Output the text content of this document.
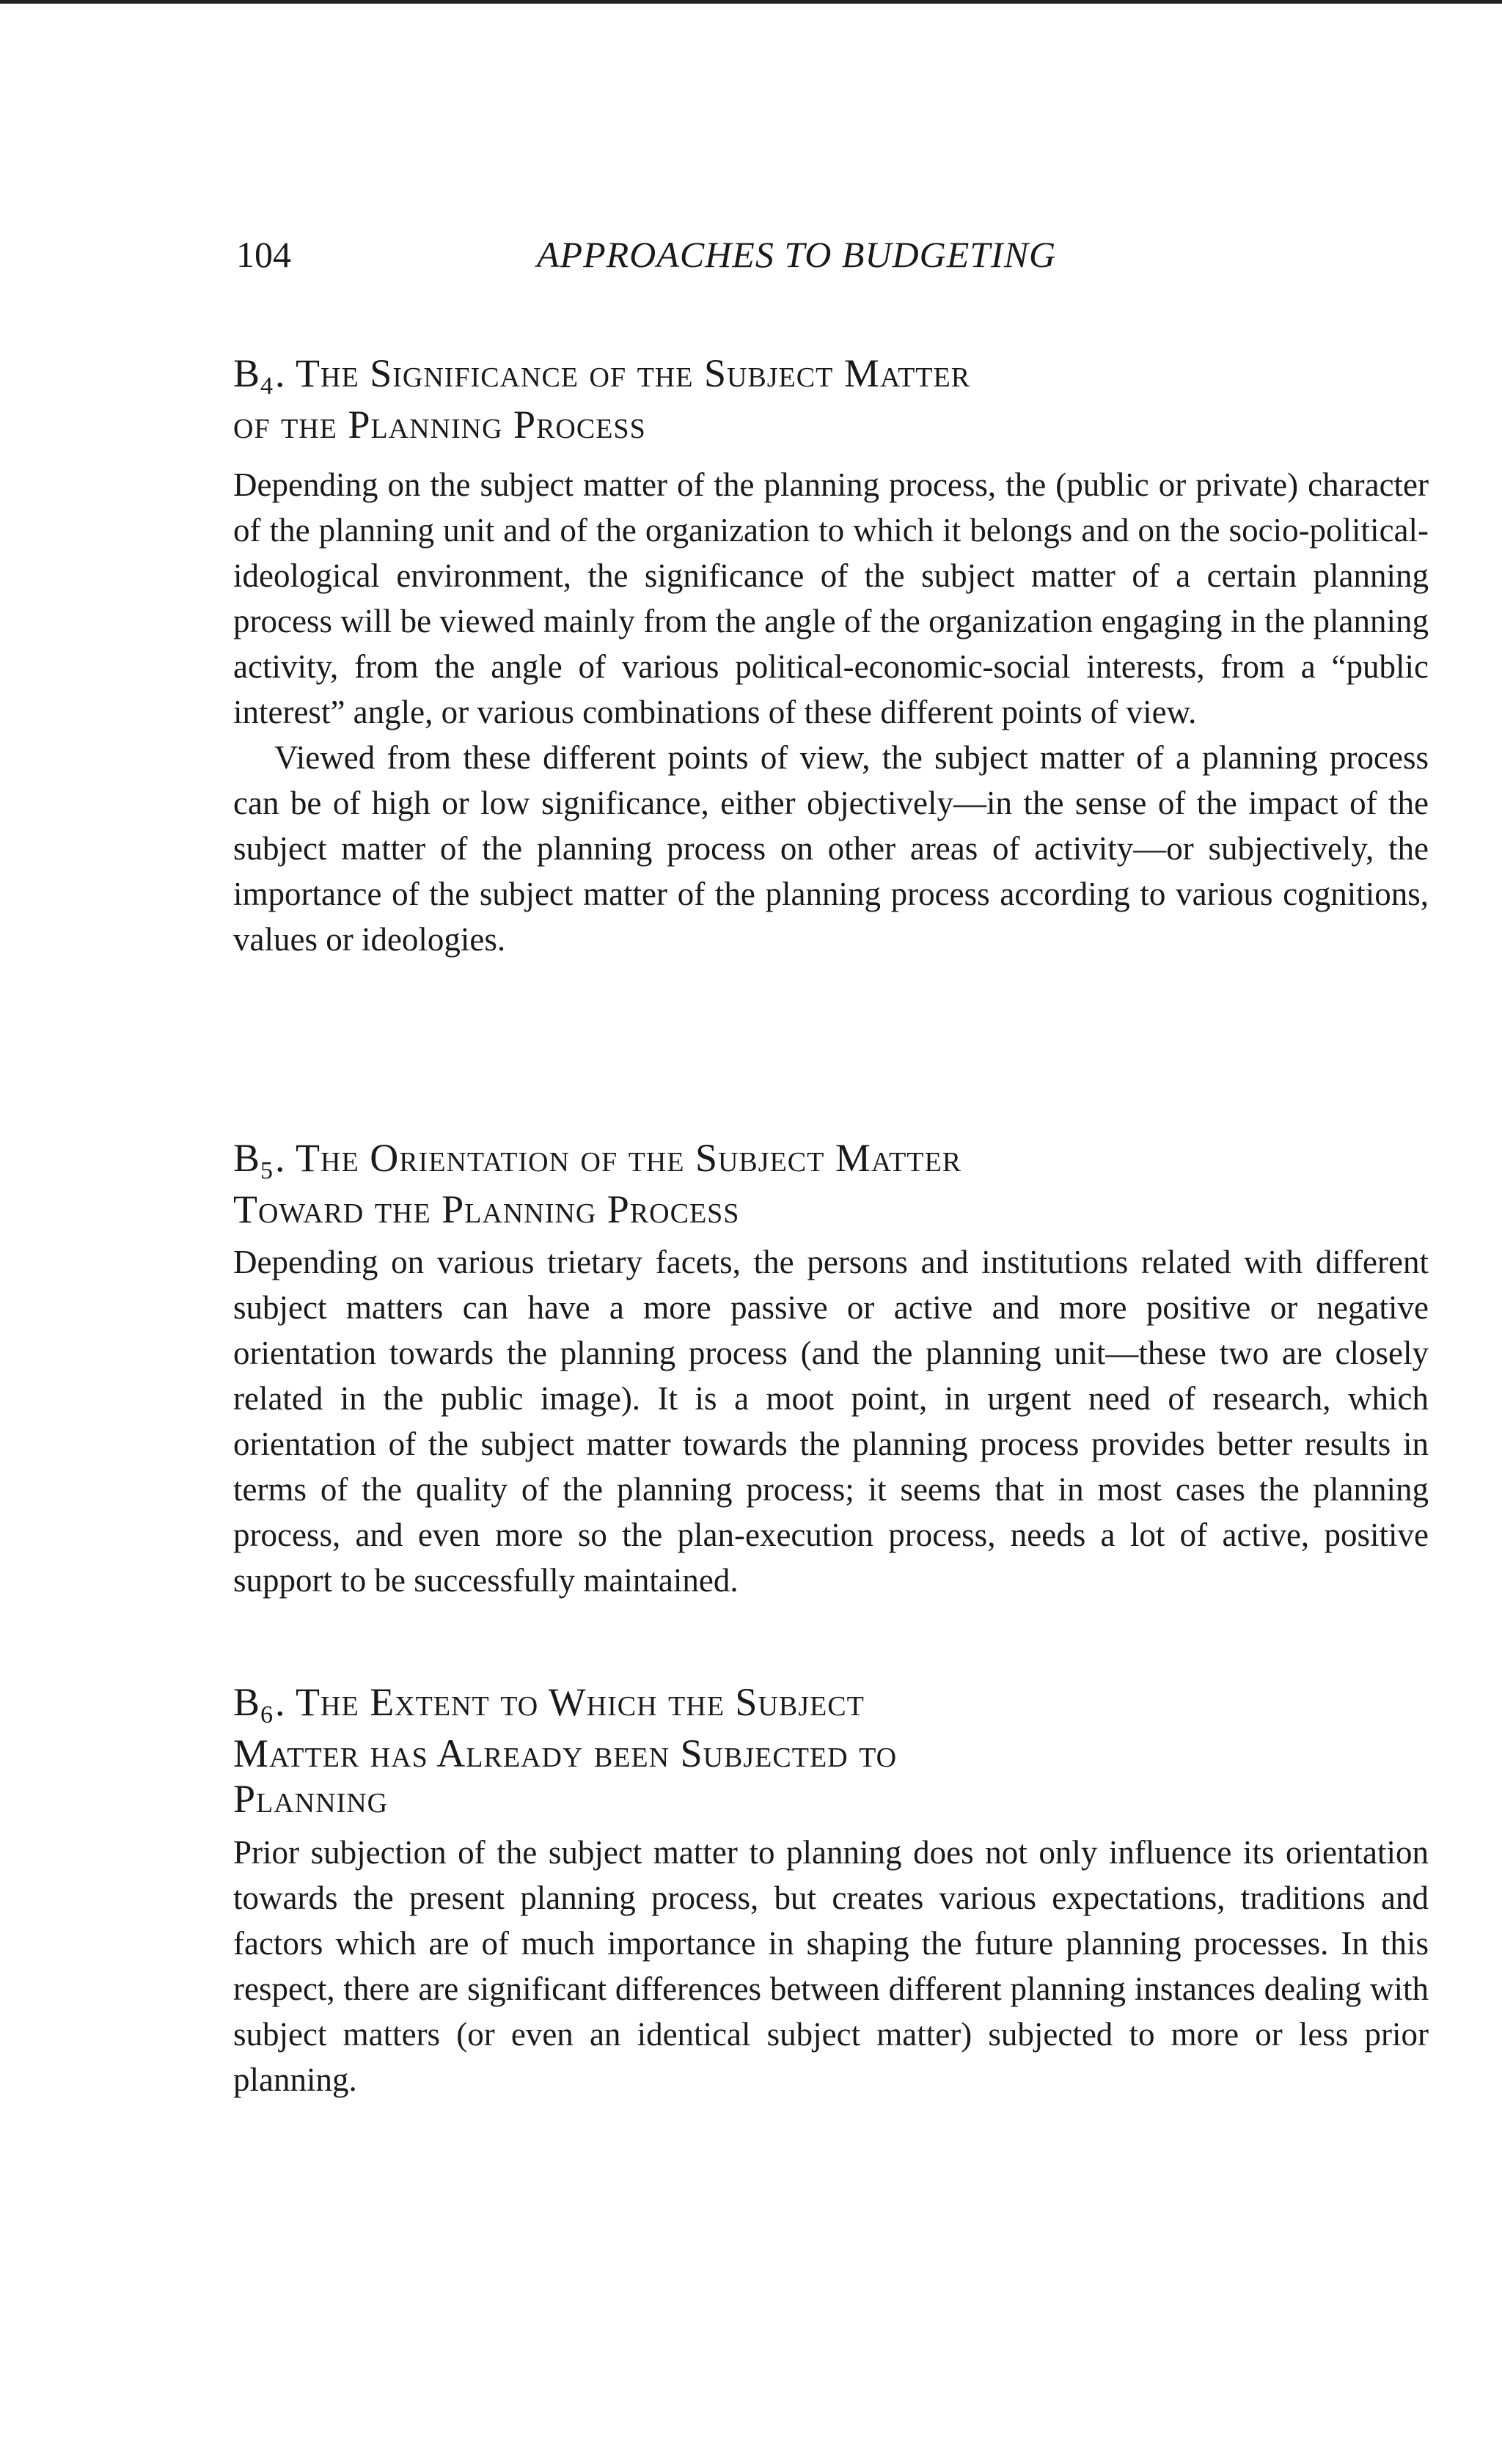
104	APPROACHES TO BUDGETING
B4. The Significance of the Subject Matter
of the Planning Process

Depending on the subject matter of the planning process, the (public or private) character of the planning unit and of the organization to which it belongs and on the socio-political-ideological environment, the significance of the subject matter of a certain planning process will be viewed mainly from the angle of the organization engaging in the planning activity, from the angle of various political-economic-social interests, from a “public interest” angle, or various combinations of these different points of view.

Viewed from these different points of view, the subject matter of a planning process can be of high or low significance, either objectively—in the sense of the impact of the subject matter of the planning process on other areas of activity—or subjectively, the importance of the subject matter of the planning process according to various cognitions, values or ideologies.

B5. The Orientation of the Subject Matter
Toward the Planning Process

Depending on various trietary facets, the persons and institutions related with different subject matters can have a more passive or active and more positive or negative orientation towards the planning process (and the planning unit—these two are closely related in the public image). It is a moot point, in urgent need of research, which orientation of the subject matter towards the planning process provides better results in terms of the quality of the planning process; it seems that in most cases the planning process, and even more so the plan-execution process, needs a lot of active, positive support to be successfully maintained.

B6. The Extent to Which the Subject
Matter has Already been Subjected to
Planning

Prior subjection of the subject matter to planning does not only influence its orientation towards the present planning process, but creates various expectations, traditions and factors which are of much importance in shaping the future planning processes. In this respect, there are significant differences between different planning instances dealing with subject matters (or even an identical subject matter) subjected to more or less prior planning.
